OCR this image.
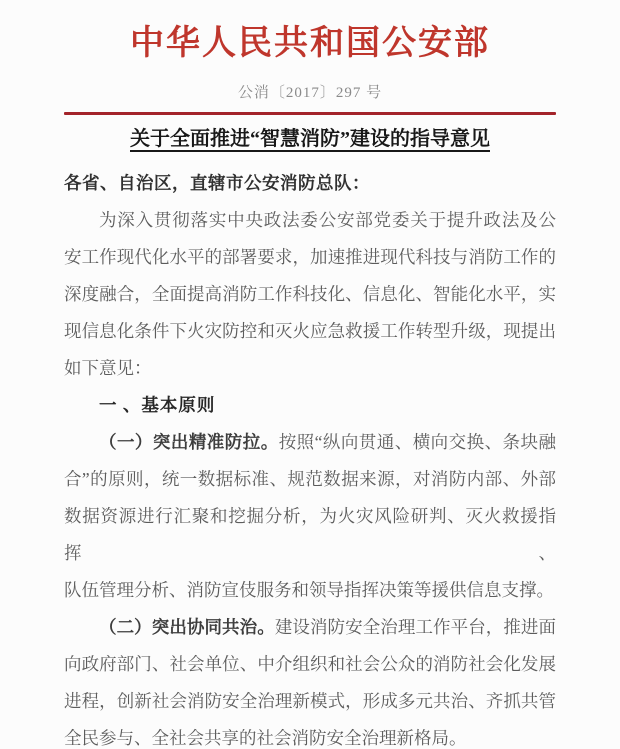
中华人民共和国公安部
公消〔2017〕297 号
关于全面推进“智慧消防”建设的指导意见
各省、自治区，直辖市公安消防总队：
为深入贯彻落实中央政法委公安部党委关于提升政法及公
安工作现代化水平的部署要求，加速推进现代科技与消防工作的
深度融合，全面提高消防工作科技化、信息化、智能化水平，实
现信息化条件下火灾防控和灭火应急救援工作转型升级，现提出
如下意见：
一 、基本原则
（一）突出精准防拉。按照“纵向贯通、横向交换、条块融
合”的原则，统一数据标准、规范数据来源，对消防内部、外部
数据资源进行汇聚和挖掘分析，为火灾风险研判、灭火救援指挥、
队伍管理分析、消防宣伎服务和领导指挥决策等援供信息支撑。
（二）突出协同共治。建设消防安全治理工作平台，推进面
向政府部门、社会单位、中介组织和社会公众的消防社会化发展
进程，创新社会消防安全治理新模式，形成多元共治、齐抓共管
全民参与、全社会共享的社会消防安全治理新格局。
